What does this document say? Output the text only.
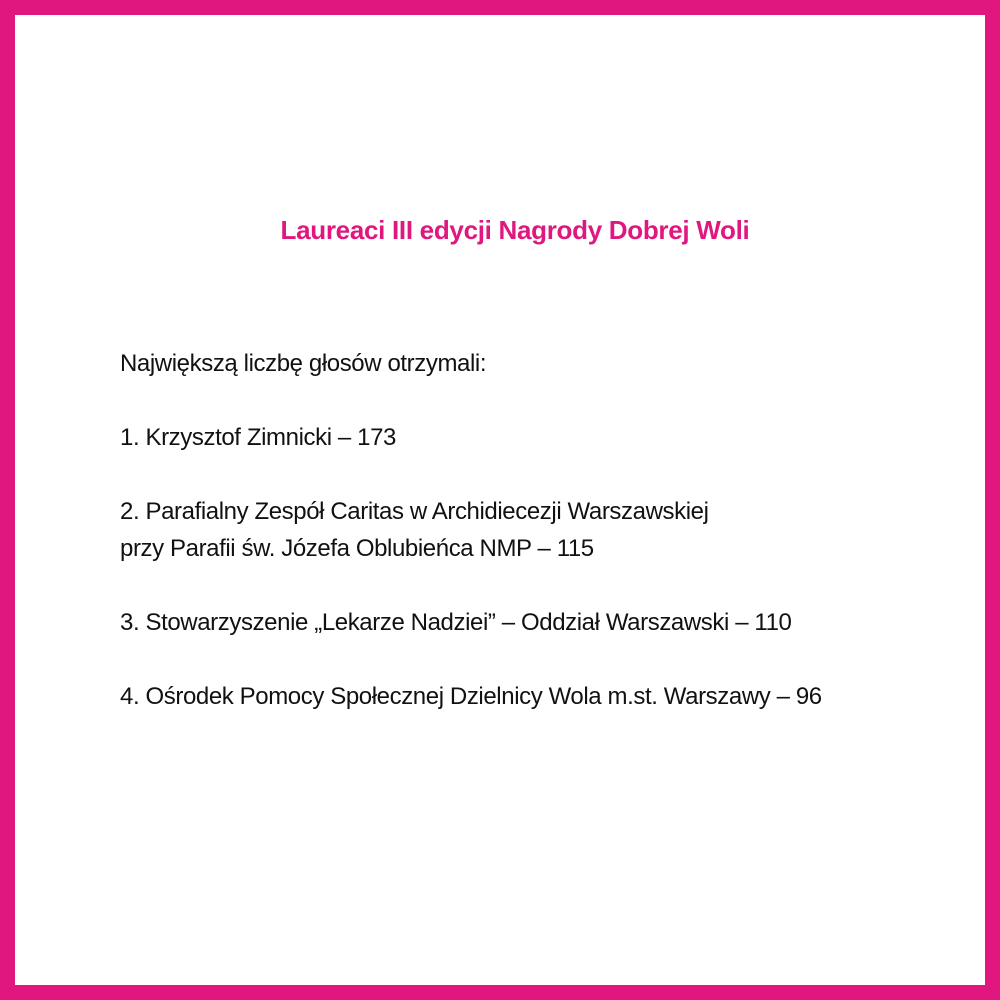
Laureaci III edycji Nagrody Dobrej Woli

Największą liczbę głosów otrzymali:

1. Krzysztof Zimnicki – 173

2. Parafialny Zespół Caritas w Archidiecezji Warszawskiej
przy Parafii św. Józefa Oblubieńca NMP – 115

3. Stowarzyszenie „Lekarze Nadziei” – Oddział Warszawski – 110

4. Ośrodek Pomocy Społecznej Dzielnicy Wola m.st. Warszawy – 96
